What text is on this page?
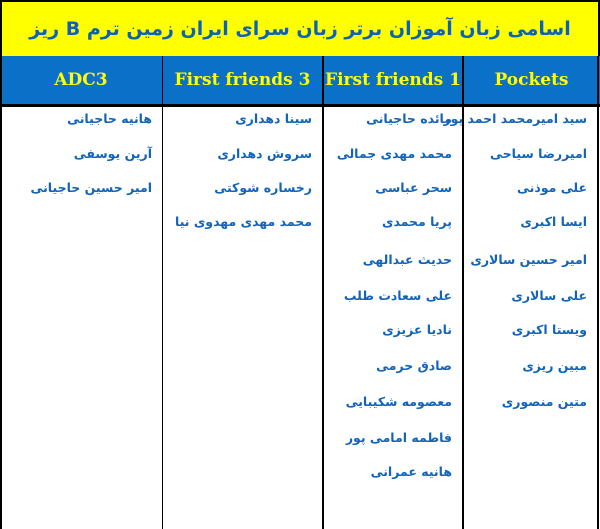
اسامی زبان آموزان برتر زبان سرای ایران زمین ترم B ریز
ADC3	First friends 3 First friends 1	Pockets
سید امیرمحمد احمد پور
امیررضا سیاحی
علی موذنی
ایسا اکبری
امیر حسین سالاری
علی سالاری
ویستا اکبری
مبین ریزی
متین منصوری
مائده حاجیانی
محمد مهدی جمالی
سحر عباسی
پریا محمدی
حدیث عبدالهی
علی سعادت طلب
نادیا عزیزی
صادق حرمی
معصومه شکیبایی
فاطمه امامی پور
هانیه عمرانی
سینا دهداری
سروش دهداری
رخساره شوکتی
محمد مهدی مهدوی نیا
هانیه حاجیانی
آرین یوسفی
امیر حسین حاجیانی
